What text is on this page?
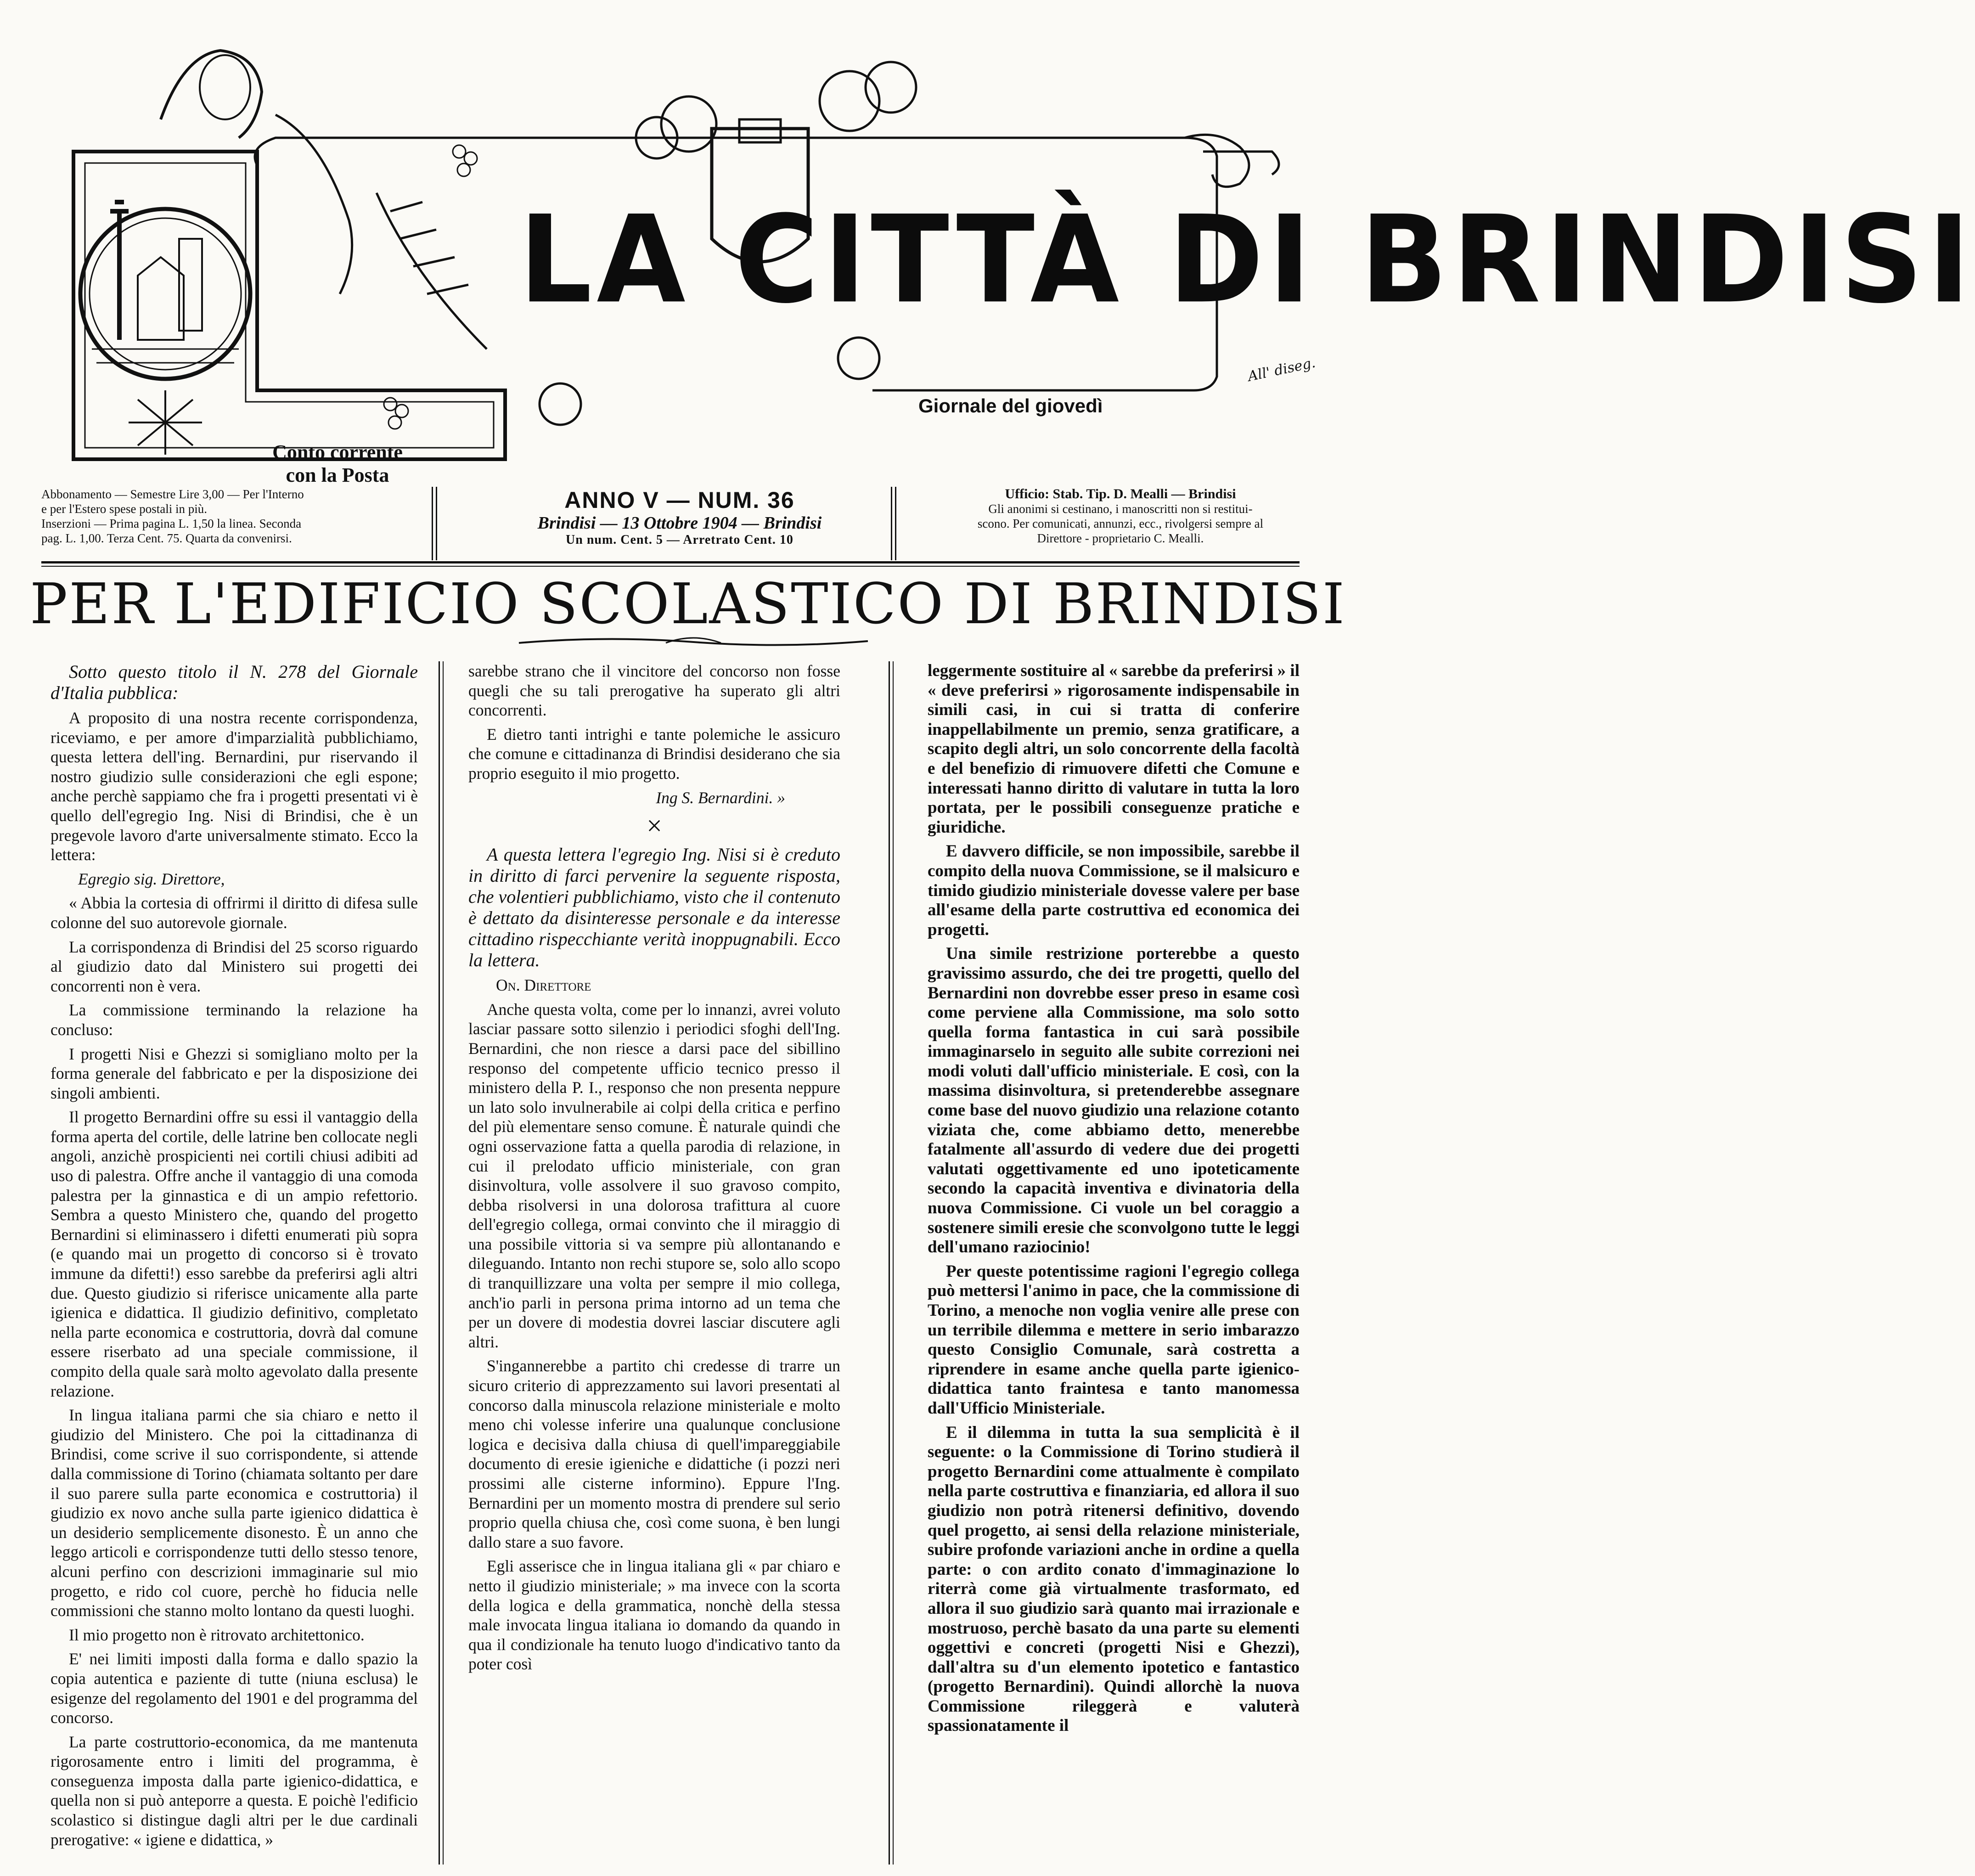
All' diseg.
LA CITTÀ DI BRINDISI
Giornale del giovedì
Conto corrente
con la Posta
Abbonamento — Semestre Lire 3,00 — Per l'Interno
e per l'Estero spese postali in più.
Inserzioni — Prima pagina L. 1,50 la linea. Seconda
pag. L. 1,00. Terza Cent. 75. Quarta da convenirsi.
ANNO V — NUM. 36
Brindisi — 13 Ottobre 1904 — Brindisi
Un num. Cent. 5 — Arretrato Cent. 10
Ufficio: Stab. Tip. D. Mealli — Brindisi
Gli anonimi si cestinano, i manoscritti non si restitui-
scono. Per comunicati, annunzi, ecc., rivolgersi sempre al
Direttore - proprietario C. Mealli.
PER L'EDIFICIO SCOLASTICO DI BRINDISI

Sotto questo titolo il N. 278 del Giornale d'Italia pubblica:

A proposito di una nostra recente corrispondenza, riceviamo, e per amore d'imparzialità pubblichiamo, questa lettera dell'ing. Bernardini, pur riservando il nostro giudizio sulle considerazioni che egli espone; anche perchè sappiamo che fra i progetti presentati vi è quello dell'egregio Ing. Nisi di Brindisi, che è un pregevole lavoro d'arte universalmente stimato. Ecco la lettera:

Egregio sig. Direttore,

« Abbia la cortesia di offrirmi il diritto di difesa sulle colonne del suo autorevole giornale.

La corrispondenza di Brindisi del 25 scorso riguardo al giudizio dato dal Ministero sui progetti dei concorrenti non è vera.

La commissione terminando la relazione ha concluso:

I progetti Nisi e Ghezzi si somigliano molto per la forma generale del fabbricato e per la disposizione dei singoli ambienti.

Il progetto Bernardini offre su essi il vantaggio della forma aperta del cortile, delle latrine ben collocate negli angoli, anzichè prospicienti nei cortili chiusi adibiti ad uso di palestra. Offre anche il vantaggio di una comoda palestra per la ginnastica e di un ampio refettorio. Sembra a questo Ministero che, quando del progetto Bernardini si eliminassero i difetti enumerati più sopra (e quando mai un progetto di concorso si è trovato immune da difetti!) esso sarebbe da preferirsi agli altri due. Questo giudizio si riferisce unicamente alla parte igienica e didattica. Il giudizio definitivo, completato nella parte economica e costruttoria, dovrà dal comune essere riserbato ad una speciale commissione, il compito della quale sarà molto agevolato dalla presente relazione.

In lingua italiana parmi che sia chiaro e netto il giudizio del Ministero. Che poi la cittadinanza di Brindisi, come scrive il suo corrispondente, si attende dalla commissione di Torino (chiamata soltanto per dare il suo parere sulla parte economica e costruttoria) il giudizio ex novo anche sulla parte igienico didattica è un desiderio semplicemente disonesto. È un anno che leggo articoli e corrispondenze tutti dello stesso tenore, alcuni perfino con descrizioni immaginarie sul mio progetto, e rido col cuore, perchè ho fiducia nelle commissioni che stanno molto lontano da questi luoghi.

Il mio progetto non è ritrovato architettonico.

E' nei limiti imposti dalla forma e dallo spazio la copia autentica e paziente di tutte (niuna esclusa) le esigenze del regolamento del 1901 e del programma del concorso.

La parte costruttorio-economica, da me mantenuta rigorosamente entro i limiti del programma, è conseguenza imposta dalla parte igienico-didattica, e quella non si può anteporre a questa. E poichè l'edificio scolastico si distingue dagli altri per le due cardinali prerogative: « igiene e didattica, »

sarebbe strano che il vincitore del concorso non fosse quegli che su tali prerogative ha superato gli altri concorrenti.

E dietro tanti intrighi e tante polemiche le assicuro che comune e cittadinanza di Brindisi desiderano che sia proprio eseguito il mio progetto.

Ing S. Bernardini. »

×

A questa lettera l'egregio Ing. Nisi si è creduto in diritto di farci pervenire la seguente risposta, che volentieri pubblichiamo, visto che il contenuto è dettato da disinteresse personale e da interesse cittadino rispecchiante verità inoppugnabili. Ecco la lettera.

On. Direttore

Anche questa volta, come per lo innanzi, avrei voluto lasciar passare sotto silenzio i periodici sfoghi dell'Ing. Bernardini, che non riesce a darsi pace del sibillino responso del competente ufficio tecnico presso il ministero della P. I., responso che non presenta neppure un lato solo invulnerabile ai colpi della critica e perfino del più elementare senso comune. È naturale quindi che ogni osservazione fatta a quella parodia di relazione, in cui il prelodato ufficio ministeriale, con gran disinvoltura, volle assolvere il suo gravoso compito, debba risolversi in una dolorosa trafittura al cuore dell'egregio collega, ormai convinto che il miraggio di una possibile vittoria si va sempre più allontanando e dileguando. Intanto non rechi stupore se, solo allo scopo di tranquillizzare una volta per sempre il mio collega, anch'io parli in persona prima intorno ad un tema che per un dovere di modestia dovrei lasciar discutere agli altri.

S'ingannerebbe a partito chi credesse di trarre un sicuro criterio di apprezzamento sui lavori presentati al concorso dalla minuscola relazione ministeriale e molto meno chi volesse inferire una qualunque conclusione logica e decisiva dalla chiusa di quell'impareggiabile documento di eresie igieniche e didattiche (i pozzi neri prossimi alle cisterne informino). Eppure l'Ing. Bernardini per un momento mostra di prendere sul serio proprio quella chiusa che, così come suona, è ben lungi dallo stare a suo favore.

Egli asserisce che in lingua italiana gli « par chiaro e netto il giudizio ministeriale; » ma invece con la scorta della logica e della grammatica, nonchè della stessa male invocata lingua italiana io domando da quando in qua il condizionale ha tenuto luogo d'indicativo tanto da poter così

leggermente sostituire al « sarebbe da preferirsi » il « deve preferirsi » rigorosamente indispensabile in simili casi, in cui si tratta di conferire inappellabilmente un premio, senza gratificare, a scapito degli altri, un solo concorrente della facoltà e del benefizio di rimuovere difetti che Comune e interessati hanno diritto di valutare in tutta la loro portata, per le possibili conseguenze pratiche e giuridiche.

E davvero difficile, se non impossibile, sarebbe il compito della nuova Commissione, se il malsicuro e timido giudizio ministeriale dovesse valere per base all'esame della parte costruttiva ed economica dei progetti.

Una simile restrizione porterebbe a questo gravissimo assurdo, che dei tre progetti, quello del Bernardini non dovrebbe esser preso in esame così come perviene alla Commissione, ma solo sotto quella forma fantastica in cui sarà possibile immaginarselo in seguito alle subite correzioni nei modi voluti dall'ufficio ministeriale. E così, con la massima disinvoltura, si pretenderebbe assegnare come base del nuovo giudizio una relazione cotanto viziata che, come abbiamo detto, menerebbe fatalmente all'assurdo di vedere due dei progetti valutati oggettivamente ed uno ipoteticamente secondo la capacità inventiva e divinatoria della nuova Commissione. Ci vuole un bel coraggio a sostenere simili eresie che sconvolgono tutte le leggi dell'umano raziocinio!

Per queste potentissime ragioni l'egregio collega può mettersi l'animo in pace, che la commissione di Torino, a menoche non voglia venire alle prese con un terribile dilemma e mettere in serio imbarazzo questo Consiglio Comunale, sarà costretta a riprendere in esame anche quella parte igienico-didattica tanto fraintesa e tanto manomessa dall'Ufficio Ministeriale.

E il dilemma in tutta la sua semplicità è il seguente: o la Commissione di Torino studierà il progetto Bernardini come attualmente è compilato nella parte costruttiva e finanziaria, ed allora il suo giudizio non potrà ritenersi definitivo, dovendo quel progetto, ai sensi della relazione ministeriale, subire profonde variazioni anche in ordine a quella parte: o con ardito conato d'immaginazione lo riterrà come già virtualmente trasformato, ed allora il suo giudizio sarà quanto mai irrazionale e mostruoso, perchè basato da una parte su elementi oggettivi e concreti (progetti Nisi e Ghezzi), dall'altra su d'un elemento ipotetico e fantastico (progetto Bernardini). Quindi allorchè la nuova Commissione rileggerà e valuterà spassionatamente il
